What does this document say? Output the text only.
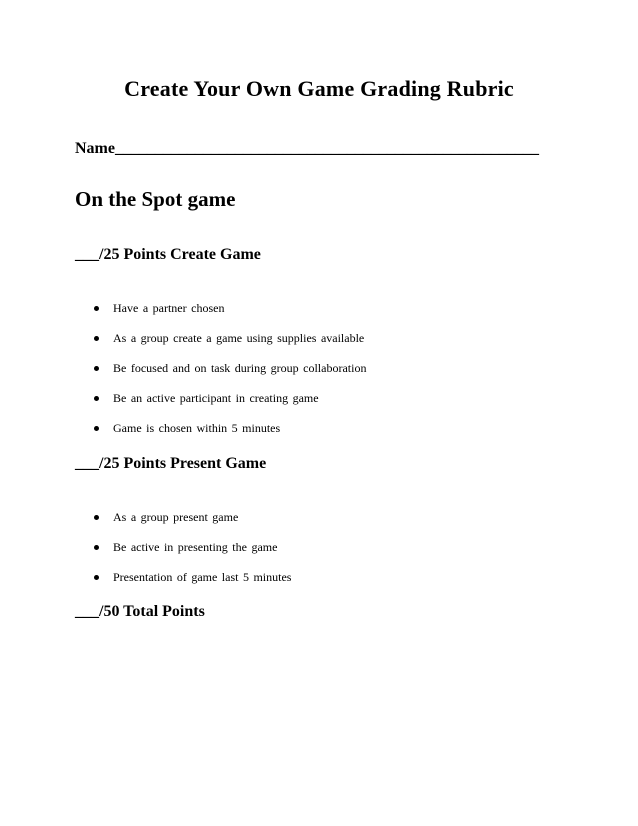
Create Your Own Game Grading Rubric
Name_____________________________________________________
On the Spot game
___/25 Points Create Game
Have a partner chosen
As a group create a game using supplies available
Be focused and on task during group collaboration
Be an active participant in creating game
Game is chosen within 5 minutes
___/25 Points Present Game
As a group present game
Be active in presenting the game
Presentation of game last 5 minutes
___/50 Total Points
